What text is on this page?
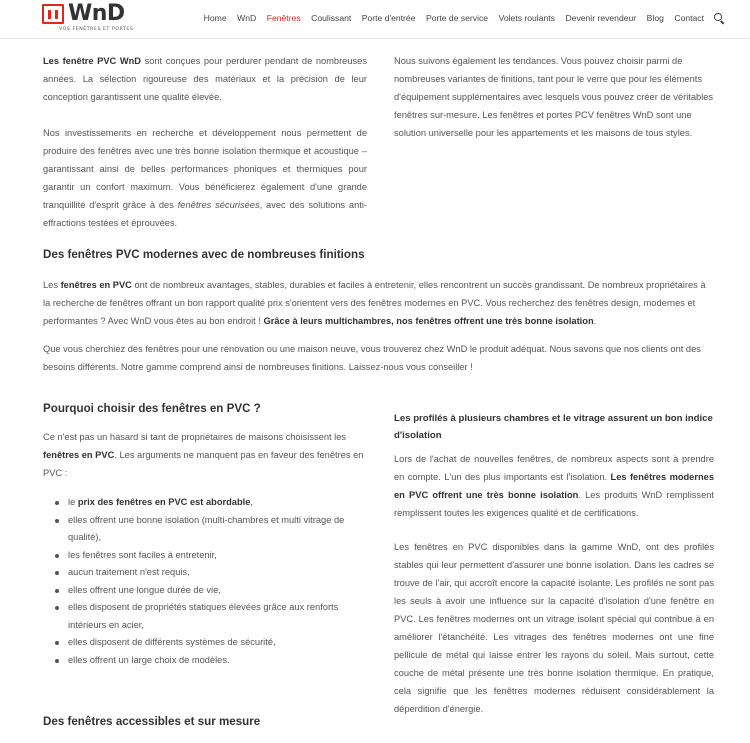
WnD
VOS FENÊTRES ET PORTES
Home WnD Fenêtres Coulissant Porte d'entrée Porte de service Volets roulants Devenir revendeur Blog Contact

Les fenêtre PVC WnD sont conçues pour perdurer pendant de nombreuses années. La sélection rigoureuse des matériaux et la précision de leur conception garantissent une qualité élevée.

Nos investissements en recherche et développement nous permettent de produire des fenêtres avec une très bonne isolation thermique et acoustique – garantissant ainsi de belles performances phoniques et thermiques pour garantir un confort maximum. Vous bénéficierez également d'une grande tranquillité d'esprit grâce à des fenêtres sécurisées, avec des solutions anti-effractions testées et éprouvées.

Nous suivons également les tendances. Vous pouvez choisir parmi de nombreuses variantes de finitions, tant pour le verre que pour les éléments d'équipement supplémentaires avec lesquels vous pouvez créer de véritables fenêtres sur-mesure. Les fenêtres et portes PCV fenêtres WnD sont une solution universelle pour les appartements et les maisons de tous styles.

Des fenêtres PVC modernes avec de nombreuses finitions

Les fenêtres en PVC ont de nombreux avantages, stables, durables et faciles à entretenir, elles rencontrent un succès grandissant. De nombreux propriétaires à la recherche de fenêtres offrant un bon rapport qualité prix s'orientent vers des fenêtres modernes en PVC. Vous recherchez des fenêtres design, modernes et performantes ? Avec WnD vous êtes au bon endroit ! Grâce à leurs multichambres, nos fenêtres offrent une très bonne isolation.

Que vous cherchiez des fenêtres pour une rénovation ou une maison neuve, vous trouverez chez WnD le produit adéquat. Nous savons que nos clients ont des besoins différents. Notre gamme comprend ainsi de nombreuses finitions. Laissez-nous vous conseiller !

Pourquoi choisir des fenêtres en PVC ?

Ce n'est pas un hasard si tant de propriétaires de maisons choisissent les fenêtres en PVC. Les arguments ne manquent pas en faveur des fenêtres en PVC :

le prix des fenêtres en PVC est abordable,
elles offrent une bonne isolation (multi-chambres et multi vitrage de qualité),
les fenêtres sont faciles à entretenir,
aucun traitement n'est requis,
elles offrent une longue durée de vie,
elles disposent de propriétés statiques élevées grâce aux renforts intérieurs en acier,
elles disposent de différents systèmes de sécurité,
elles offrent un large choix de modèles.
Les profilés à plusieurs chambres et le vitrage assurent un bon indice d'isolation

Lors de l'achat de nouvelles fenêtres, de nombreux aspects sont à prendre en compte. L'un des plus importants est l'isolation. Les fenêtres modernes en PVC offrent une très bonne isolation. Les produits WnD remplissent remplissent toutes les exigences qualité et de certifications.

Les fenêtres en PVC disponibles dans la gamme WnD, ont des profilés stables qui leur permettent d'assurer une bonne isolation. Dans les cadres se trouve de l'air, qui accroît encore la capacité isolante. Les profilés ne sont pas les seuls à avoir une influence sur la capacité d'isolation d'une fenêtre en PVC. Les fenêtres modernes ont un vitrage isolant spécial qui contribue à en améliorer l'étanchéité. Les vitrages des fenêtres modernes ont une fine pellicule de métal qui laisse entrer les rayons du soleil. Mais surtout, cette couche de métal présente une très bonne isolation thermique. En pratique, cela signifie que les fenêtres modernes réduisent considérablement la déperdition d'énergie.

Des fenêtres accessibles et sur mesure
